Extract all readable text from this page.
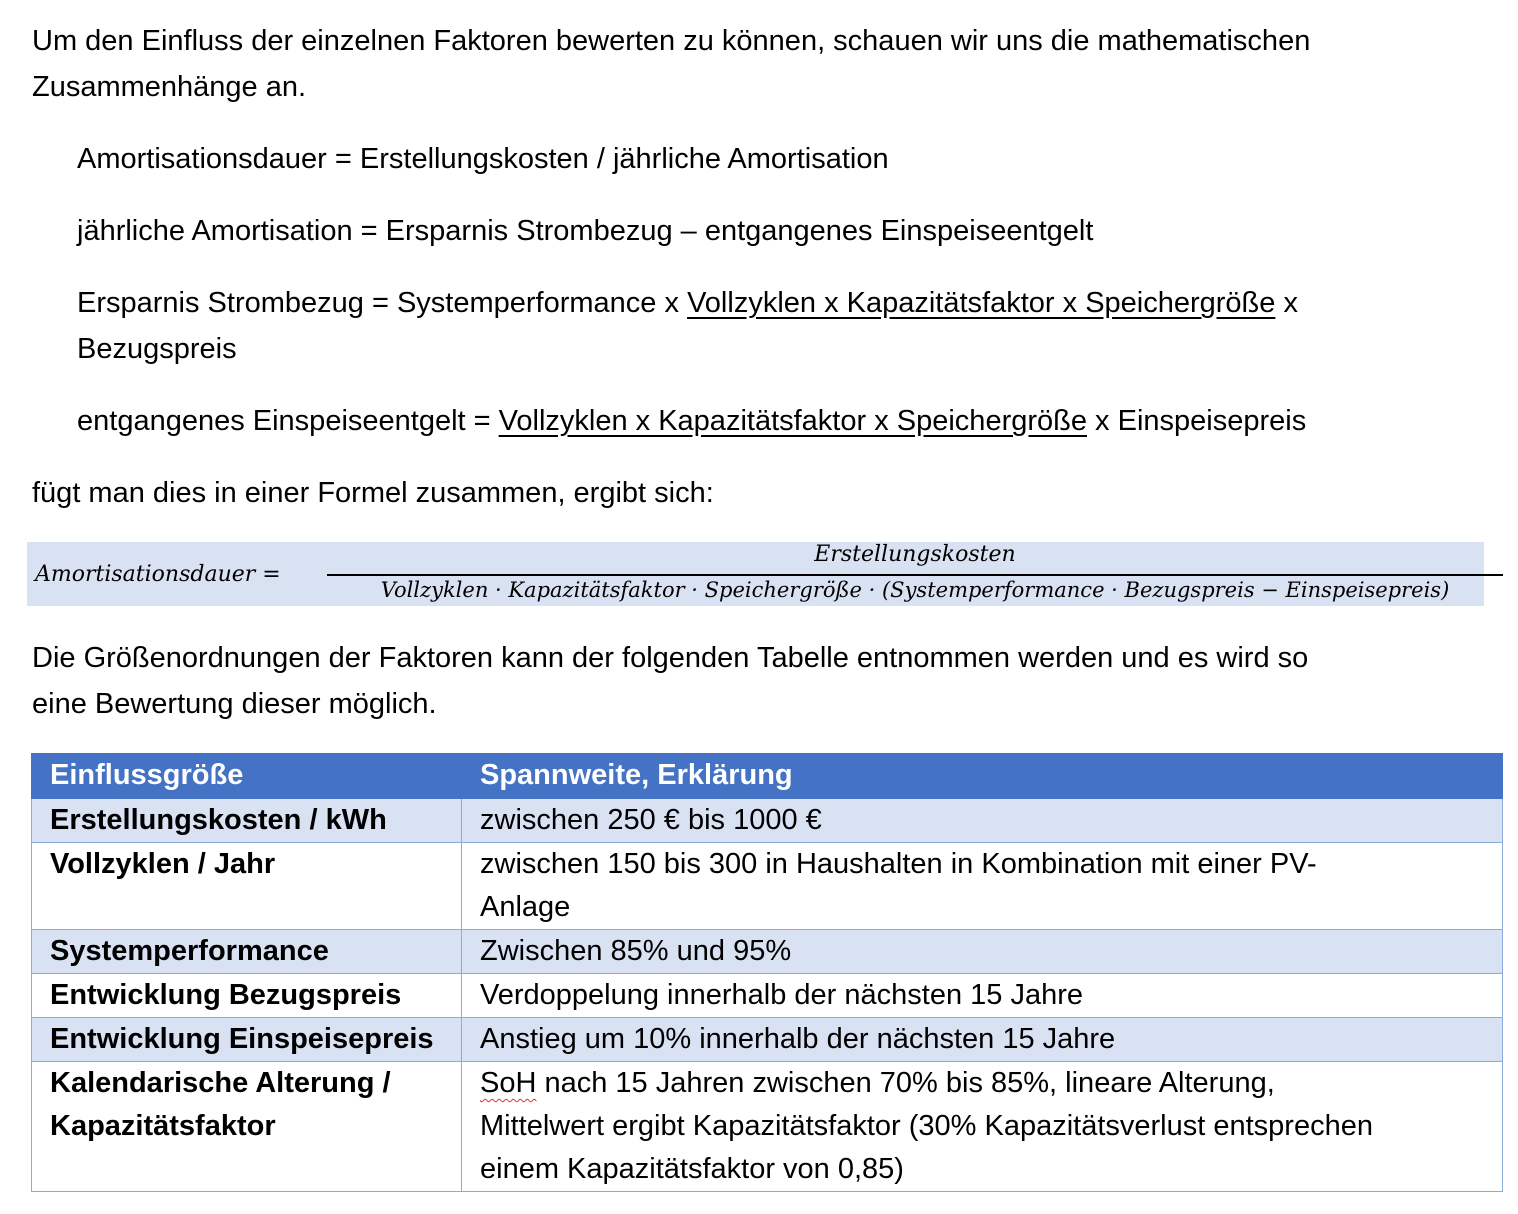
Um den Einfluss der einzelnen Faktoren bewerten zu können, schauen wir uns die mathematischen
Zusammenhänge an.

Amortisationsdauer = Erstellungskosten / jährliche Amortisation

jährliche Amortisation = Ersparnis Strombezug – entgangenes Einspeiseentgelt

Ersparnis Strombezug = Systemperformance x Vollzyklen x Kapazitätsfaktor x Speichergröße x
Bezugspreis

entgangenes Einspeiseentgelt = Vollzyklen x Kapazitätsfaktor x Speichergröße x Einspeisepreis

fügt man dies in einer Formel zusammen, ergibt sich:

Amortisationsdauer =
Erstellungskosten
Vollzyklen · Kapazitätsfaktor · Speichergröße · (Systemperformance · Bezugspreis − Einspeisepreis)

Die Größenordnungen der Faktoren kann der folgenden Tabelle entnommen werden und es wird so
eine Bewertung dieser möglich.

Einflussgröße	Spannweite, Erklärung
Erstellungskosten / kWh	zwischen 250 € bis 1000 €
Vollzyklen / Jahr	zwischen 150 bis 300 in Haushalten in Kombination mit einer PV-
Anlage
Systemperformance	Zwischen 85% und 95%
Entwicklung Bezugspreis	Verdoppelung innerhalb der nächsten 15 Jahre
Entwicklung Einspeisepreis	Anstieg um 10% innerhalb der nächsten 15 Jahre
Kalendarische Alterung /
Kapazitätsfaktor	SoH nach 15 Jahren zwischen 70% bis 85%, lineare Alterung,
Mittelwert ergibt Kapazitätsfaktor (30% Kapazitätsverlust entsprechen
einem Kapazitätsfaktor von 0,85)
